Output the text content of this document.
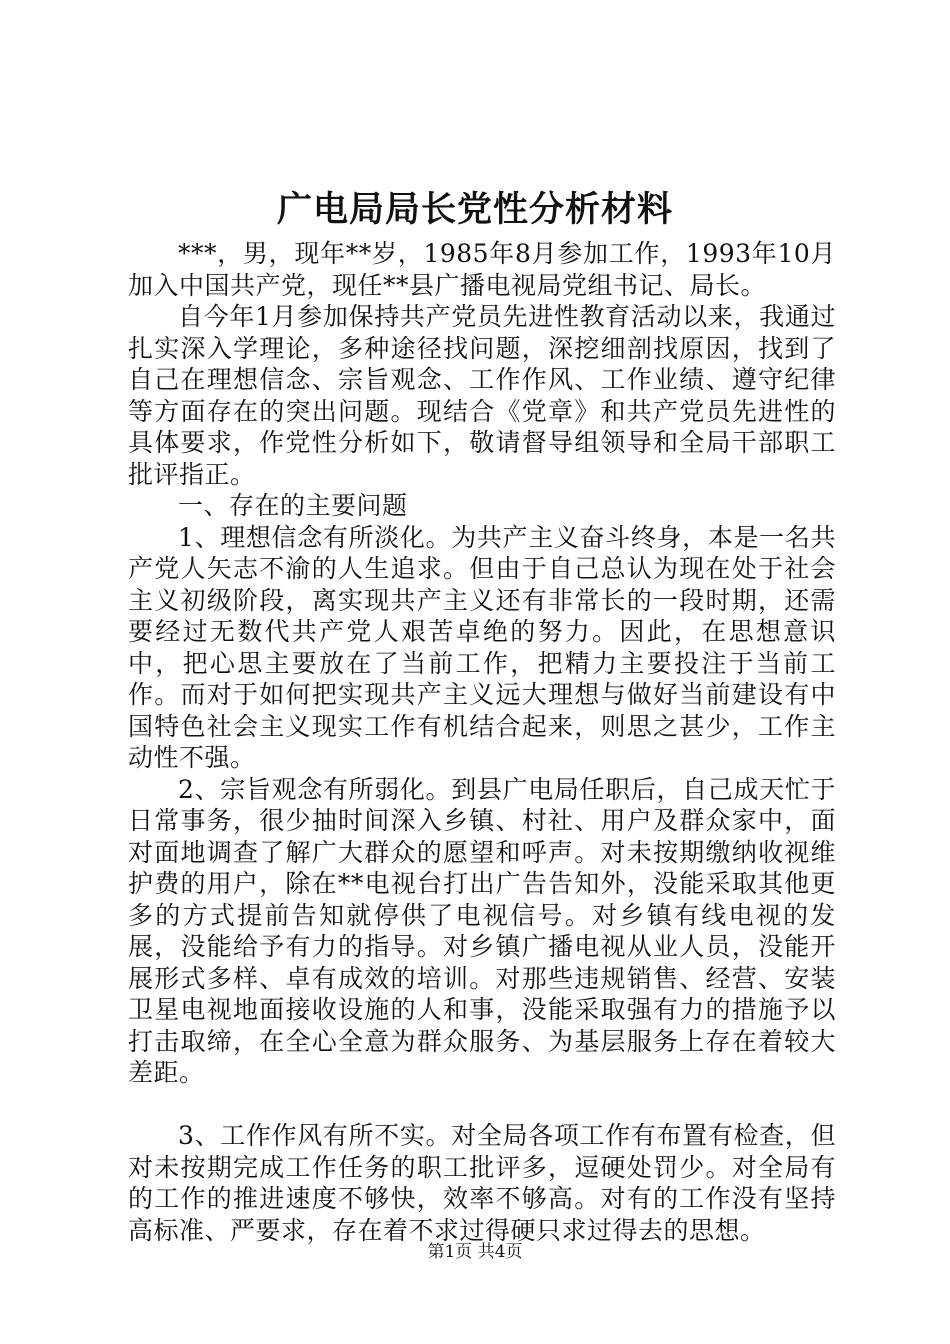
广电局局长党性分析材料

***，男，现年**岁，1985年8月参加工作，1993年10月加入中国共产党，现任**县广播电视局党组书记、局长。

自今年1月参加保持共产党员先进性教育活动以来，我通过扎实深入学理论，多种途径找问题，深挖细剖找原因，找到了自己在理想信念、宗旨观念、工作作风、工作业绩、遵守纪律等方面存在的突出问题。现结合《党章》和共产党员先进性的具体要求，作党性分析如下，敬请督导组领导和全局干部职工批评指正。

一、存在的主要问题

1、理想信念有所淡化。为共产主义奋斗终身，本是一名共产党人矢志不渝的人生追求。但由于自己总认为现在处于社会主义初级阶段，离实现共产主义还有非常长的一段时期，还需要经过无数代共产党人艰苦卓绝的努力。因此，在思想意识中，把心思主要放在了当前工作，把精力主要投注于当前工作。而对于如何把实现共产主义远大理想与做好当前建设有中国特色社会主义现实工作有机结合起来，则思之甚少，工作主动性不强。

2、宗旨观念有所弱化。到县广电局任职后，自己成天忙于日常事务，很少抽时间深入乡镇、村社、用户及群众家中，面对面地调查了解广大群众的愿望和呼声。对未按期缴纳收视维护费的用户，除在**电视台打出广告告知外，没能采取其他更多的方式提前告知就停供了电视信号。对乡镇有线电视的发展，没能给予有力的指导。对乡镇广播电视从业人员，没能开展形式多样、卓有成效的培训。对那些违规销售、经营、安装卫星电视地面接收设施的人和事，没能采取强有力的措施予以打击取缔，在全心全意为群众服务、为基层服务上存在着较大差距。

3、工作作风有所不实。对全局各项工作有布置有检查，但对未按期完成工作任务的职工批评多，逗硬处罚少。对全局有的工作的推进速度不够快，效率不够高。对有的工作没有坚持高标准、严要求，存在着不求过得硬只求过得去的思想。

第1页 共4页
